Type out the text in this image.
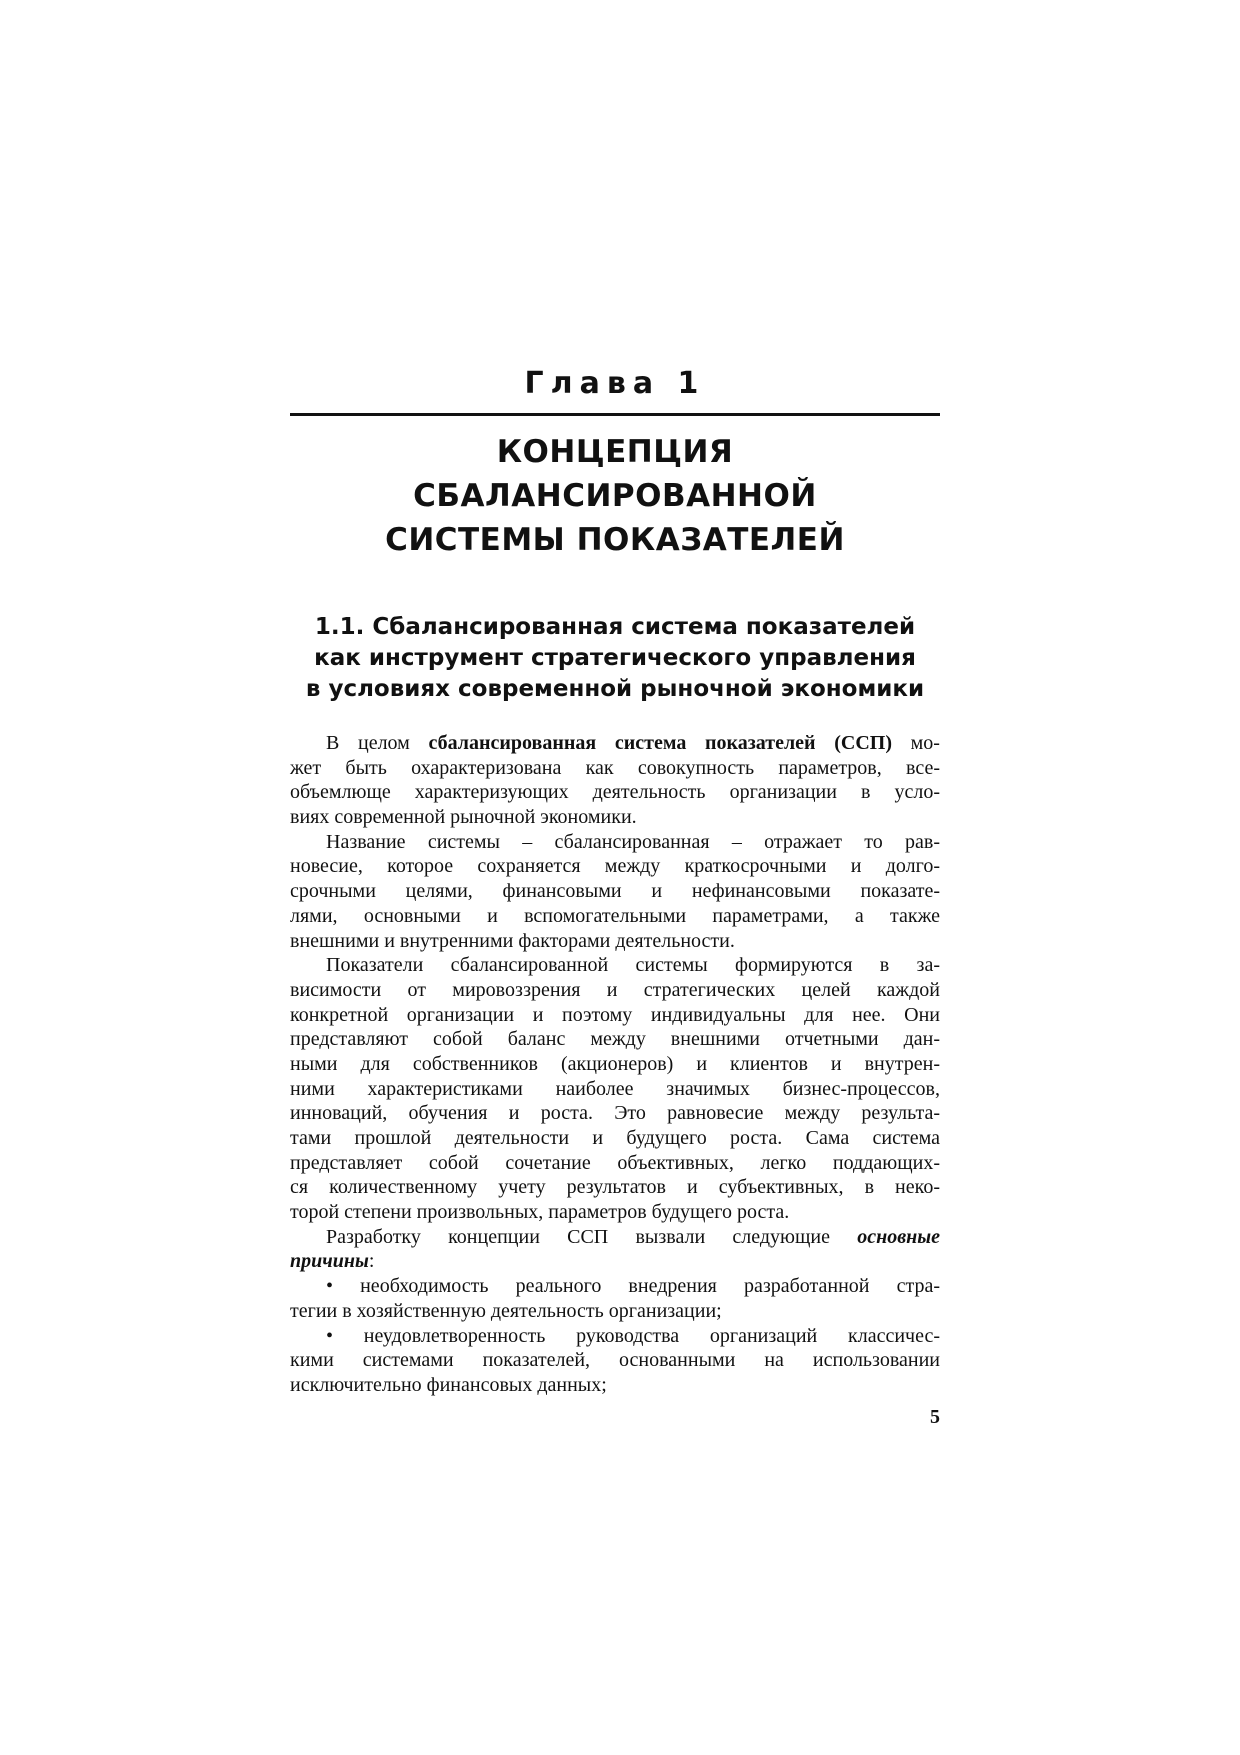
Глава 1
КОНЦЕПЦИЯ
СБАЛАНСИРОВАННОЙ
СИСТЕМЫ ПОКАЗАТЕЛЕЙ
1.1. Сбалансированная система показателей
как инструмент стратегического управления
в условиях современной рыночной экономики
В целом сбалансированная система показателей (ССП) мо-
жет быть охарактеризована как совокупность параметров, все-
объемлюще характеризующих деятельность организации в усло-
виях современной рыночной экономики.
Название системы – сбалансированная – отражает то рав-
новесие, которое сохраняется между краткосрочными и долго-
срочными целями, финансовыми и нефинансовыми показате-
лями, основными и вспомогательными параметрами, а также
внешними и внутренними факторами деятельности.
Показатели сбалансированной системы формируются в за-
висимости от мировоззрения и стратегических целей каждой
конкретной организации и поэтому индивидуальны для нее. Они
представляют собой баланс между внешними отчетными дан-
ными для собственников (акционеров) и клиентов и внутрен-
ними характеристиками наиболее значимых бизнес-процессов,
инноваций, обучения и роста. Это равновесие между результа-
тами прошлой деятельности и будущего роста. Сама система
представляет собой сочетание объективных, легко поддающих-
ся количественному учету результатов и субъективных, в неко-
торой степени произвольных, параметров будущего роста.
Разработку концепции ССП вызвали следующие основные
причины:
• необходимость реального внедрения разработанной стра-
тегии в хозяйственную деятельность организации;
• неудовлетворенность руководства организаций классичес-
кими системами показателей, основанными на использовании
исключительно финансовых данных;
5
